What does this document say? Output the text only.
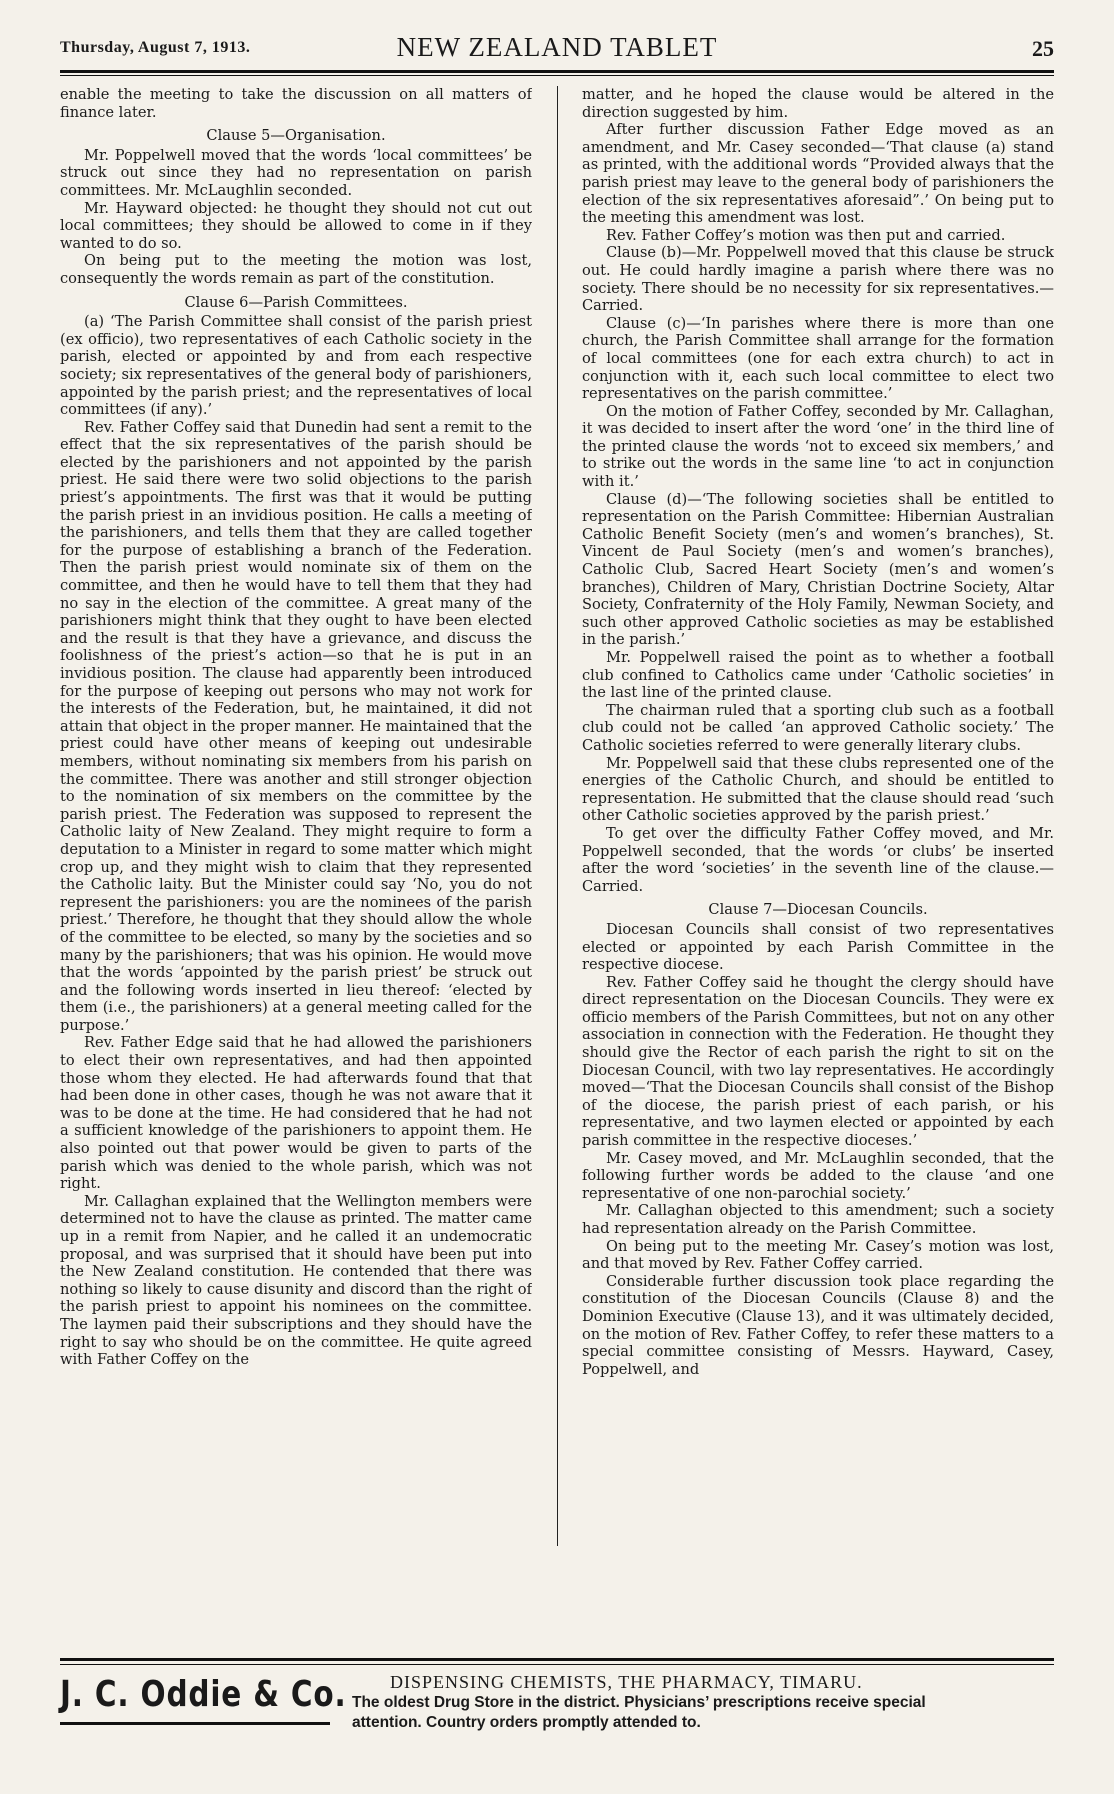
Thursday, August 7, 1913.	NEW ZEALAND TABLET	25

enable the meeting to take the discussion on all matters of finance later.

Clause 5—Organisation.

Mr. Poppelwell moved that the words ‘local committees’ be struck out since they had no representation on parish committees. Mr. McLaughlin seconded.

Mr. Hayward objected: he thought they should not cut out local committees; they should be allowed to come in if they wanted to do so.

On being put to the meeting the motion was lost, consequently the words remain as part of the constitution.

Clause 6—Parish Committees.

(a) ‘The Parish Committee shall consist of the parish priest (ex officio), two representatives of each Catholic society in the parish, elected or appointed by and from each respective society; six representatives of the general body of parishioners, appointed by the parish priest; and the representatives of local committees (if any).’

Rev. Father Coffey said that Dunedin had sent a remit to the effect that the six representatives of the parish should be elected by the parishioners and not appointed by the parish priest. He said there were two solid objections to the parish priest’s appointments. The first was that it would be putting the parish priest in an invidious position. He calls a meeting of the parishioners, and tells them that they are called together for the purpose of establishing a branch of the Federation. Then the parish priest would nominate six of them on the committee, and then he would have to tell them that they had no say in the election of the committee. A great many of the parishioners might think that they ought to have been elected and the result is that they have a grievance, and discuss the foolishness of the priest’s action—so that he is put in an invidious position. The clause had apparently been introduced for the purpose of keeping out persons who may not work for the interests of the Federation, but, he maintained, it did not attain that object in the proper manner. He maintained that the priest could have other means of keeping out undesirable members, without nominating six members from his parish on the committee. There was another and still stronger objection to the nomination of six members on the committee by the parish priest. The Federation was supposed to represent the Catholic laity of New Zealand. They might require to form a deputation to a Minister in regard to some matter which might crop up, and they might wish to claim that they represented the Catholic laity. But the Minister could say ‘No, you do not represent the parishioners: you are the nominees of the parish priest.’ Therefore, he thought that they should allow the whole of the committee to be elected, so many by the societies and so many by the parishioners; that was his opinion. He would move that the words ‘appointed by the parish priest’ be struck out and the following words inserted in lieu thereof: ‘elected by them (i.e., the parishioners) at a general meeting called for the purpose.’

Rev. Father Edge said that he had allowed the parishioners to elect their own representatives, and had then appointed those whom they elected. He had afterwards found that that had been done in other cases, though he was not aware that it was to be done at the time. He had considered that he had not a sufficient knowledge of the parishioners to appoint them. He also pointed out that power would be given to parts of the parish which was denied to the whole parish, which was not right.

Mr. Callaghan explained that the Wellington members were determined not to have the clause as printed. The matter came up in a remit from Napier, and he called it an undemocratic proposal, and was surprised that it should have been put into the New Zealand constitution. He contended that there was nothing so likely to cause disunity and discord than the right of the parish priest to appoint his nominees on the committee. The laymen paid their subscriptions and they should have the right to say who should be on the committee. He quite agreed with Father Coffey on the

matter, and he hoped the clause would be altered in the direction suggested by him.

After further discussion Father Edge moved as an amendment, and Mr. Casey seconded—‘That clause (a) stand as printed, with the additional words “Provided always that the parish priest may leave to the general body of parishioners the election of the six representatives aforesaid”.’ On being put to the meeting this amendment was lost.

Rev. Father Coffey’s motion was then put and carried.

Clause (b)—Mr. Poppelwell moved that this clause be struck out. He could hardly imagine a parish where there was no society. There should be no necessity for six representatives.—Carried.

Clause (c)—‘In parishes where there is more than one church, the Parish Committee shall arrange for the formation of local committees (one for each extra church) to act in conjunction with it, each such local committee to elect two representatives on the parish committee.’

On the motion of Father Coffey, seconded by Mr. Callaghan, it was decided to insert after the word ‘one’ in the third line of the printed clause the words ‘not to exceed six members,’ and to strike out the words in the same line ‘to act in conjunction with it.’

Clause (d)—‘The following societies shall be entitled to representation on the Parish Committee: Hibernian Australian Catholic Benefit Society (men’s and women’s branches), St. Vincent de Paul Society (men’s and women’s branches), Catholic Club, Sacred Heart Society (men’s and women’s branches), Children of Mary, Christian Doctrine Society, Altar Society, Confraternity of the Holy Family, Newman Society, and such other approved Catholic societies as may be established in the parish.’

Mr. Poppelwell raised the point as to whether a football club confined to Catholics came under ‘Catholic societies’ in the last line of the printed clause.

The chairman ruled that a sporting club such as a football club could not be called ‘an approved Catholic society.’ The Catholic societies referred to were generally literary clubs.

Mr. Poppelwell said that these clubs represented one of the energies of the Catholic Church, and should be entitled to representation. He submitted that the clause should read ‘such other Catholic societies approved by the parish priest.’

To get over the difficulty Father Coffey moved, and Mr. Poppelwell seconded, that the words ‘or clubs’ be inserted after the word ‘societies’ in the seventh line of the clause.—Carried.

Clause 7—Diocesan Councils.

Diocesan Councils shall consist of two representatives elected or appointed by each Parish Committee in the respective diocese.

Rev. Father Coffey said he thought the clergy should have direct representation on the Diocesan Councils. They were ex officio members of the Parish Committees, but not on any other association in connection with the Federation. He thought they should give the Rector of each parish the right to sit on the Diocesan Council, with two lay representatives. He accordingly moved—‘That the Diocesan Councils shall consist of the Bishop of the diocese, the parish priest of each parish, or his representative, and two laymen elected or appointed by each parish committee in the respective dioceses.’

Mr. Casey moved, and Mr. McLaughlin seconded, that the following further words be added to the clause ‘and one representative of one non-parochial society.’

Mr. Callaghan objected to this amendment; such a society had representation already on the Parish Committee.

On being put to the meeting Mr. Casey’s motion was lost, and that moved by Rev. Father Coffey carried.

Considerable further discussion took place regarding the constitution of the Diocesan Councils (Clause 8) and the Dominion Executive (Clause 13), and it was ultimately decided, on the motion of Rev. Father Coffey, to refer these matters to a special committee consisting of Messrs. Hayward, Casey, Poppelwell, and

J. C. Oddie & Co. DISPENSING CHEMISTS, THE PHARMACY, TIMARU.
The oldest Drug Store in the district. Physicians’ prescriptions receive special
attention. Country orders promptly attended to.
